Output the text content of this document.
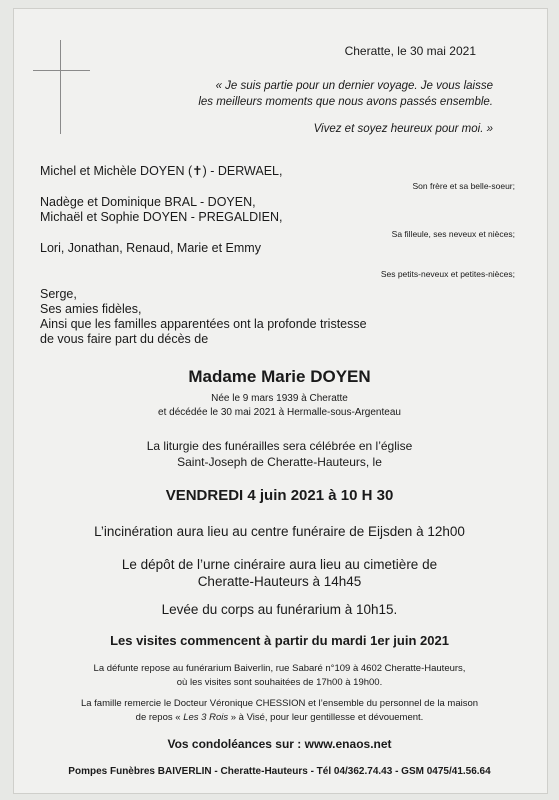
Cheratte, le 30 mai 2021
« Je suis partie pour un dernier voyage. Je vous laisse
les meilleurs moments que nous avons passés ensemble.
Vivez et soyez heureux pour moi. »
Michel et Michèle DOYEN (✝) - DERWAEL,
Son frère et sa belle-soeur;
Nadège et Dominique BRAL - DOYEN,
Michaël et Sophie DOYEN - PREGALDIEN,
Sa filleule, ses neveux et nièces;
Lori, Jonathan, Renaud, Marie et Emmy
Ses petits-neveux et petites-nièces;
Serge,
Ses amies fidèles,
Ainsi que les familles apparentées ont la profonde tristesse
de vous faire part du décès de
Madame Marie DOYEN
Née le 9 mars 1939 à Cheratte
et décédée le 30 mai 2021 à Hermalle-sous-Argenteau
La liturgie des funérailles sera célébrée en l’église
Saint-Joseph de Cheratte-Hauteurs, le
VENDREDI 4 juin 2021 à 10 H 30
L’incinération aura lieu au centre funéraire de Eijsden à 12h00
Le dépôt de l’urne cinéraire aura lieu au cimetière de
Cheratte-Hauteurs à 14h45
Levée du corps au funérarium à 10h15.
Les visites commencent à partir du mardi 1er juin 2021
La défunte repose au funérarium Baiverlin, rue Sabaré n°109 à 4602 Cheratte-Hauteurs,
où les visites sont souhaitées de 17h00 à 19h00.
La famille remercie le Docteur Véronique CHESSION et l’ensemble du personnel de la maison
de repos « Les 3 Rois » à Visé, pour leur gentillesse et dévouement.
Vos condoléances sur : www.enaos.net
Pompes Funèbres BAIVERLIN - Cheratte-Hauteurs - Tél 04/362.74.43 - GSM 0475/41.56.64
